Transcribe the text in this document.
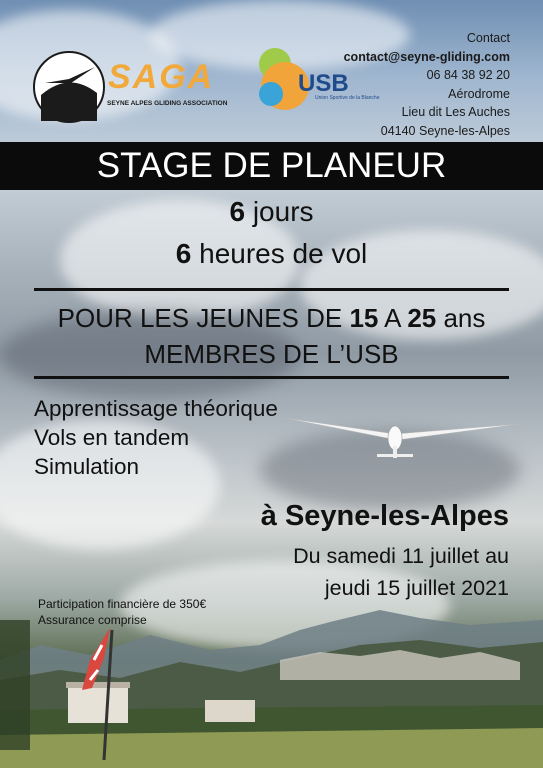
SAGA
SEYNE ALPES GLIDING ASSOCIATION
USB
Union Sportive de la Blanche
Contact
contact@seyne-gliding.com
06 84 38 92 20
Aérodrome
Lieu dit Les Auches
04140 Seyne-les-Alpes
STAGE DE PLANEUR
6 jours
6 heures de vol
POUR LES JEUNES DE 15 A 25 ans
MEMBRES DE L’USB
Apprentissage théorique
Vols en tandem
Simulation
à Seyne-les-Alpes
Du samedi 11 juillet au
jeudi 15 juillet 2021
Participation financière de 350€
Assurance comprise
